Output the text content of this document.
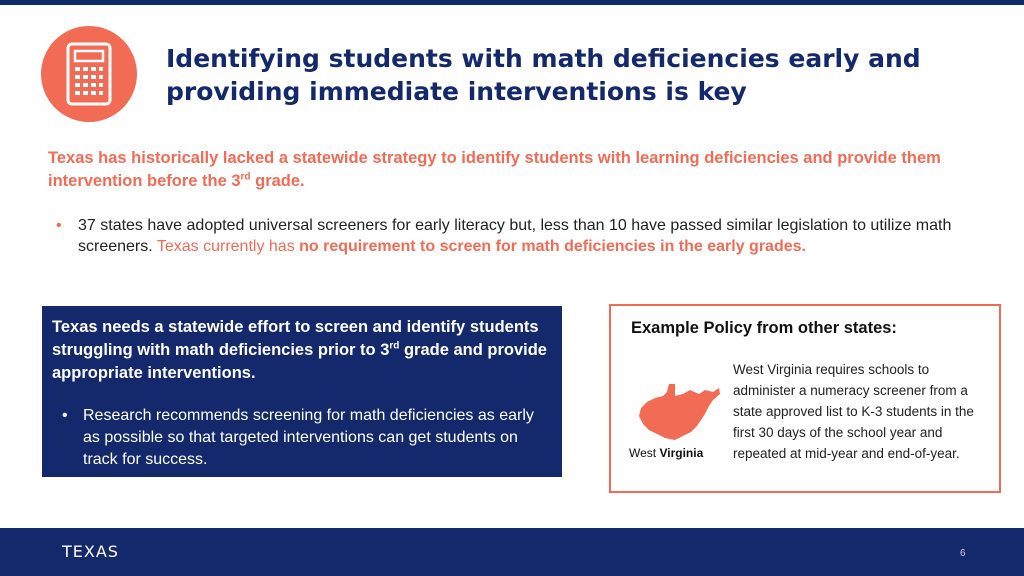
Identifying students with math deficiencies early and providing immediate interventions is key
Texas has historically lacked a statewide strategy to identify students with learning deficiencies and provide them intervention before the 3rd grade.
•	37 states have adopted universal screeners for early literacy but, less than 10 have passed similar legislation to utilize math screeners. Texas currently has no requirement to screen for math deficiencies in the early grades.
Texas needs a statewide effort to screen and identify students struggling with math deficiencies prior to 3rd grade and provide appropriate interventions.
• Research recommends screening for math deficiencies as early as possible so that targeted interventions can get students on track for success.
Example Policy from other states:
West Virginia
West Virginia requires schools to administer a numeracy screener from a state approved list to K-3 students in the first 30 days of the school year and repeated at mid-year and end-of-year.
TEXAS	6
